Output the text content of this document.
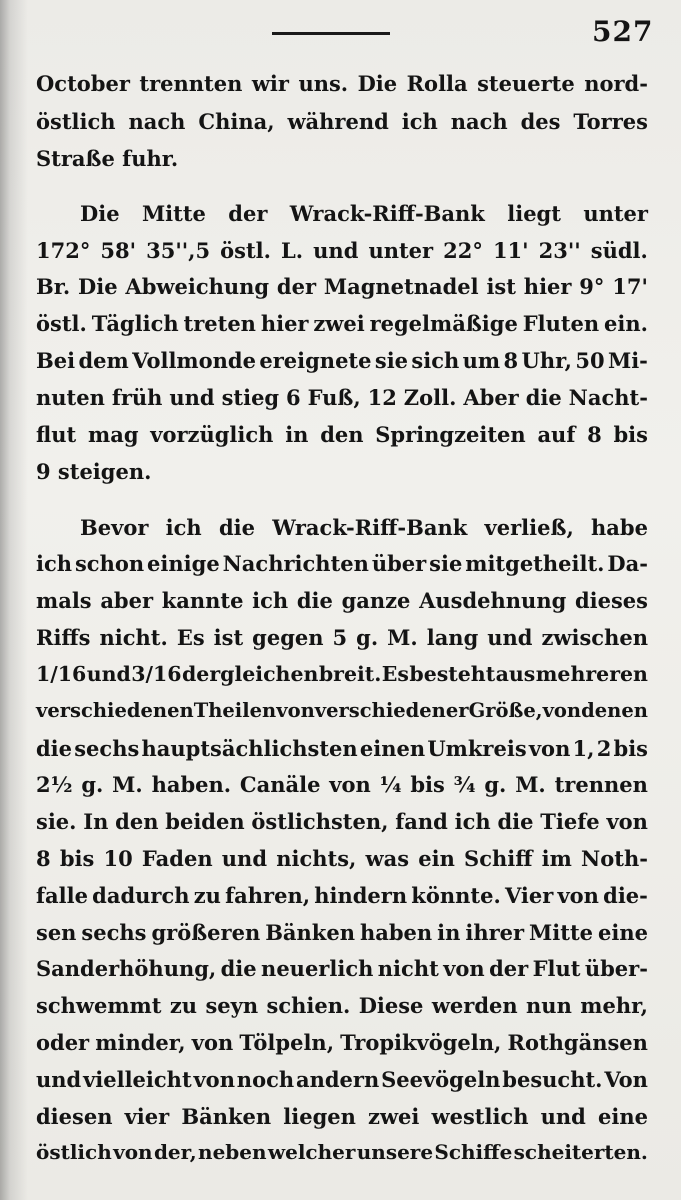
527
October trennten wir uns. Die Rolla steuerte nord-
östlich nach China, während ich nach des Torres
Straße fuhr.
Die Mitte der Wrack-Riff-Bank liegt unter
172° 58' 35'',5 östl. L. und unter 22° 11' 23'' südl.
Br. Die Abweichung der Magnetnadel ist hier 9° 17'
östl. Täglich treten hier zwei regelmäßige Fluten ein.
Bei dem Vollmonde ereignete sie sich um 8 Uhr, 50 Mi-
nuten früh und stieg 6 Fuß, 12 Zoll. Aber die Nacht-
flut mag vorzüglich in den Springzeiten auf 8 bis
9 steigen.
Bevor ich die Wrack-Riff-Bank verließ, habe
ich schon einige Nachrichten über sie mitgetheilt. Da-
mals aber kannte ich die ganze Ausdehnung dieses
Riffs nicht. Es ist gegen 5 g. M. lang und zwischen
1/16 und 3/16 dergleichen breit. Es besteht aus mehreren
verschiedenen Theilen von verschiedener Größe, von denen
die sechs hauptsächlichsten einen Umkreis von 1, 2 bis
2½ g. M. haben. Canäle von ¼ bis ¾ g. M. trennen
sie. In den beiden östlichsten, fand ich die Tiefe von
8 bis 10 Faden und nichts, was ein Schiff im Noth-
falle dadurch zu fahren, hindern könnte. Vier von die-
sen sechs größeren Bänken haben in ihrer Mitte eine
Sanderhöhung, die neuerlich nicht von der Flut über-
schwemmt zu seyn schien. Diese werden nun mehr,
oder minder, von Tölpeln, Tropikvögeln, Rothgänsen
und vielleicht von noch andern Seevögeln besucht. Von
diesen vier Bänken liegen zwei westlich und eine
östlich von der, neben welcher unsere Schiffe scheiterten.
